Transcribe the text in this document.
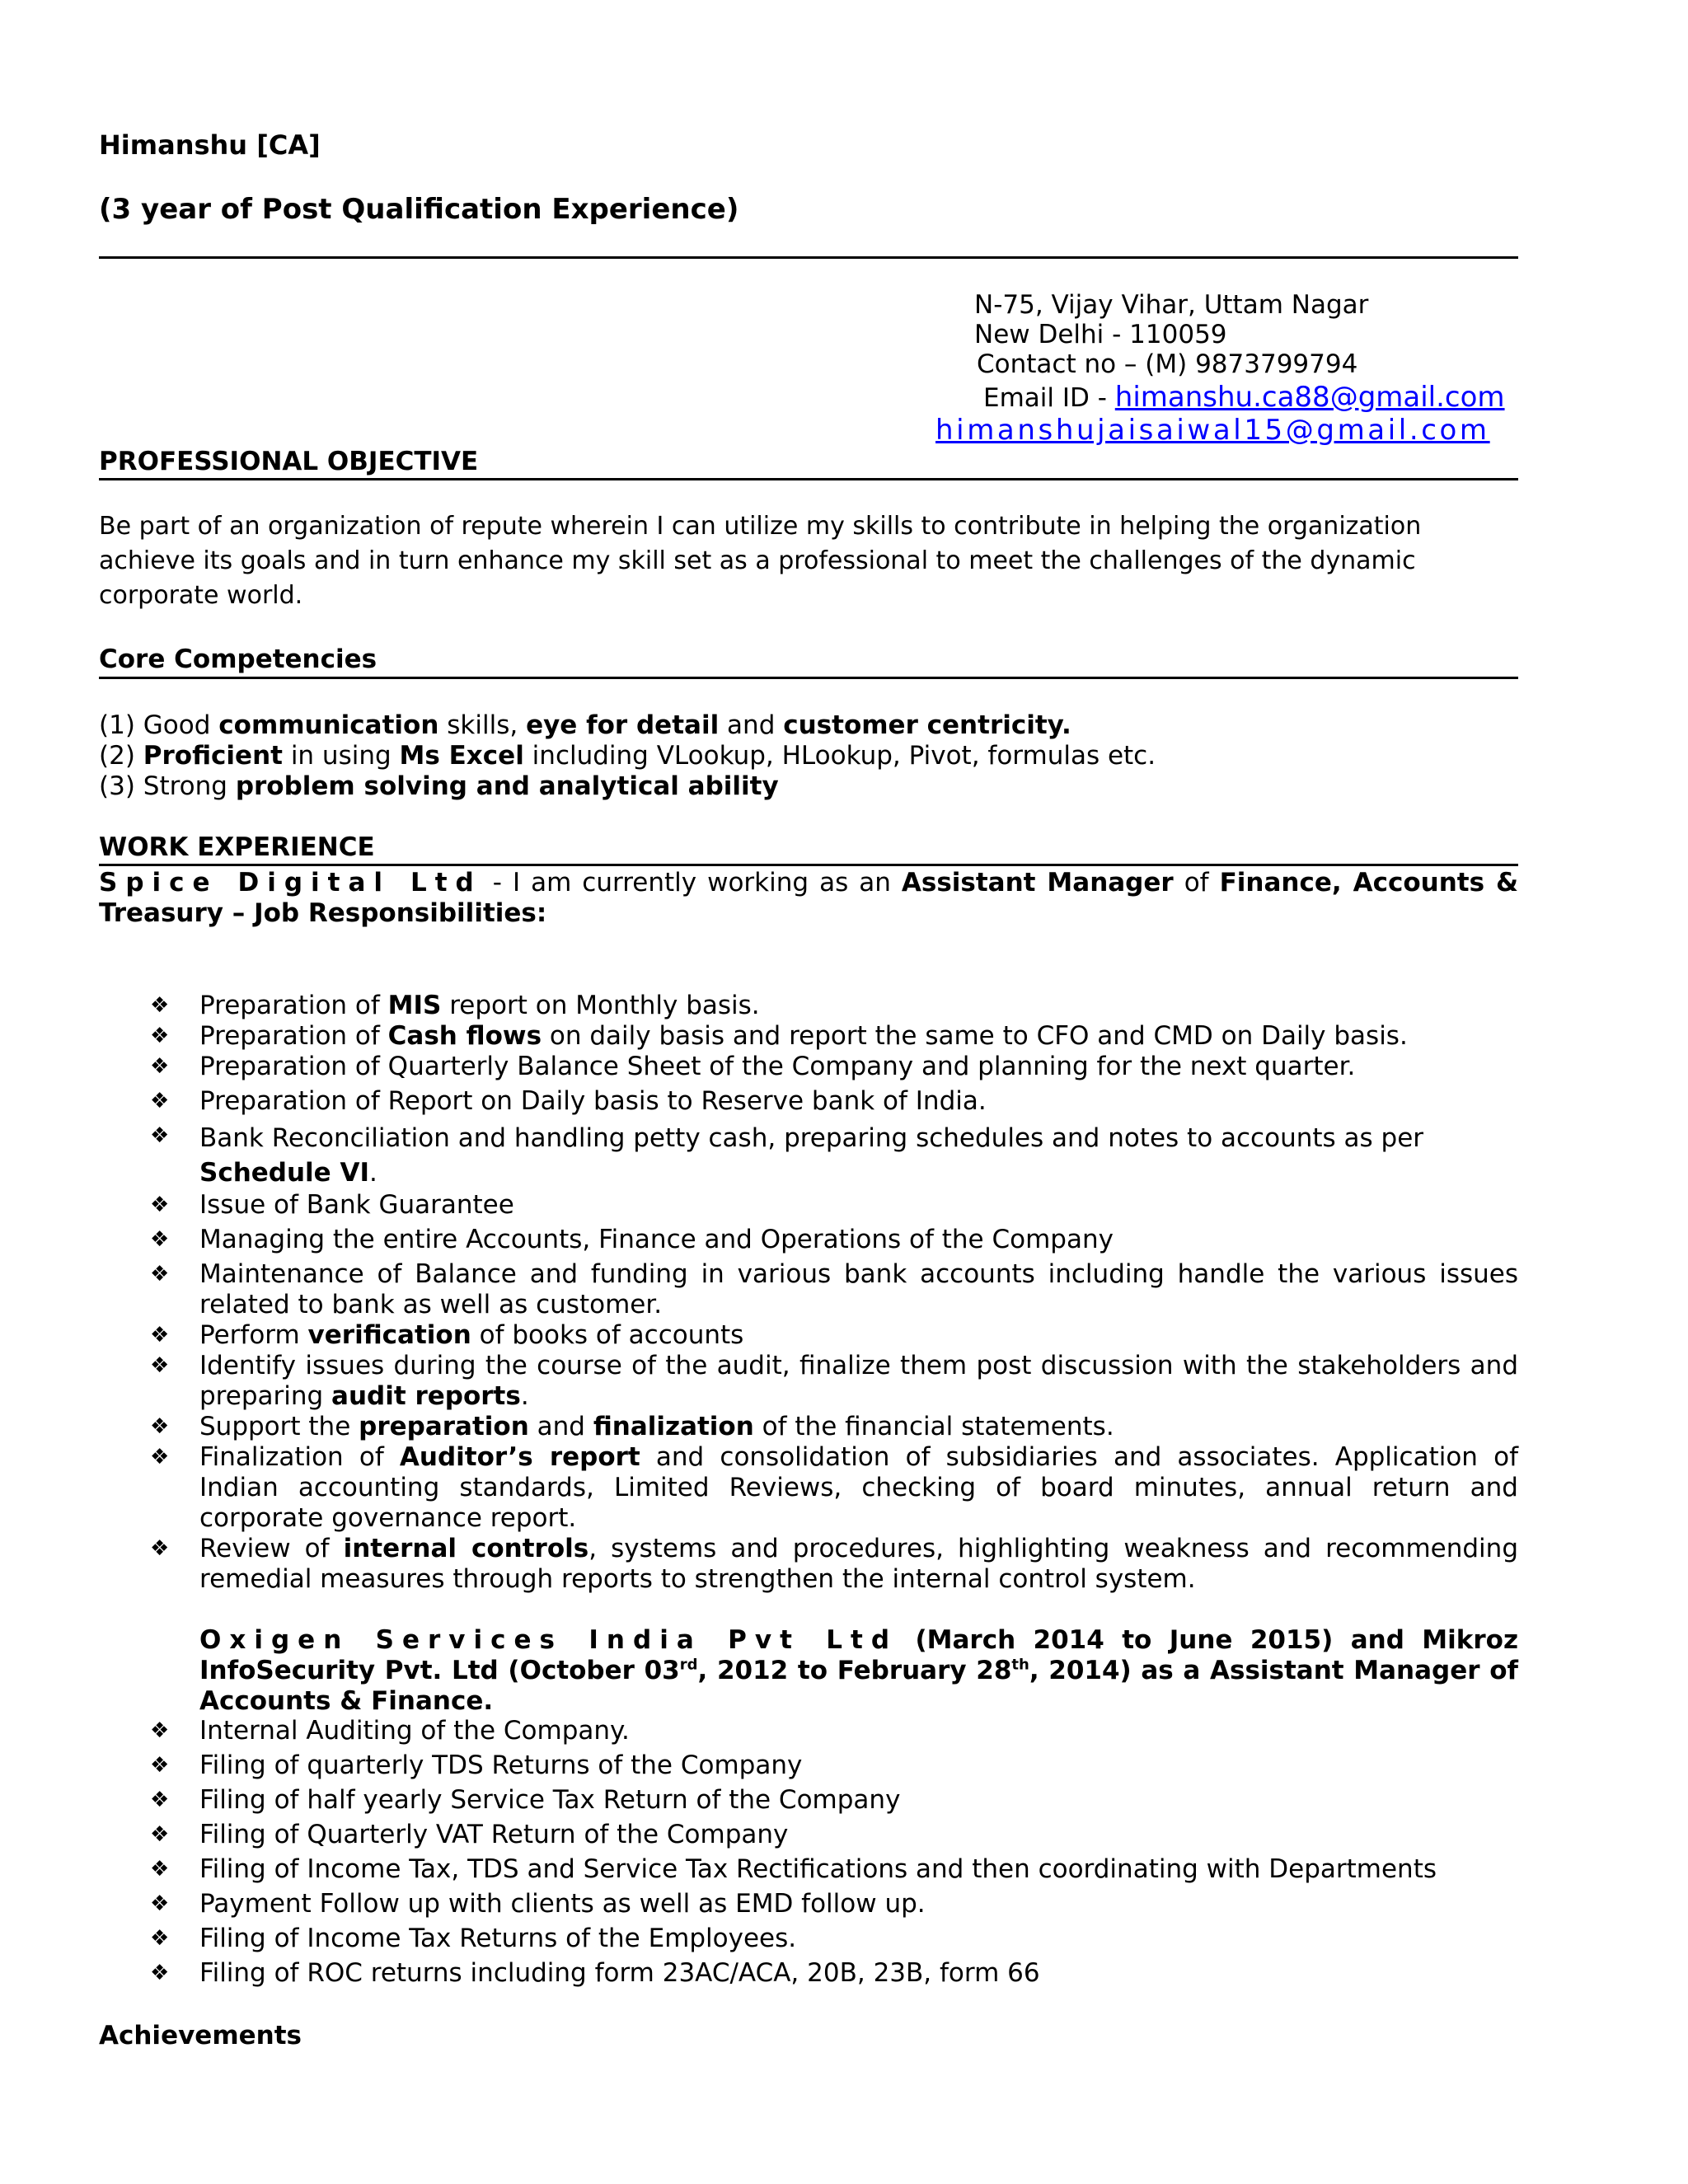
Himanshu [CA]
(3 year of Post Qualification Experience)
N-75, Vijay Vihar, Uttam Nagar
New Delhi - 110059
Contact no – (M) 9873799794
Email ID - himanshu.ca88@gmail.com
himanshujaisaiwal15@gmail.com
PROFESSIONAL OBJECTIVE
Be part of an organization of repute wherein I can utilize my skills to contribute in helping the organization achieve its goals and in turn enhance my skill set as a professional to meet the challenges of the dynamic corporate world.
Core Competencies
(1) Good communication skills, eye for detail and customer centricity.
(2) Proficient in using Ms Excel including VLookup, HLookup, Pivot, formulas etc.
(3) Strong problem solving and analytical ability
WORK EXPERIENCE
Spice Digital Ltd - I am currently working as an Assistant Manager of Finance, Accounts &
Treasury – Job Responsibilities:
❖ Preparation of MIS report on Monthly basis.
❖ Preparation of Cash flows on daily basis and report the same to CFO and CMD on Daily basis.
❖ Preparation of Quarterly Balance Sheet of the Company and planning for the next quarter.
❖ Preparation of Report on Daily basis to Reserve bank of India.
❖ Bank Reconciliation and handling petty cash, preparing schedules and notes to accounts as per
Schedule VI.
❖ Issue of Bank Guarantee
❖ Managing the entire Accounts, Finance and Operations of the Company
❖ Maintenance of Balance and funding in various bank accounts including handle the various issues related to bank as well as customer.
❖ Perform verification of books of accounts
❖ Identify issues during the course of the audit, finalize them post discussion with the stakeholders and preparing audit reports.
❖ Support the preparation and finalization of the financial statements.
❖ Finalization of Auditor’s report and consolidation of subsidiaries and associates. Application of Indian accounting standards, Limited Reviews, checking of board minutes, annual return and corporate governance report.
❖ Review of internal controls, systems and procedures, highlighting weakness and recommending remedial measures through reports to strengthen the internal control system.
Oxigen Services India Pvt Ltd (March 2014 to June 2015) and Mikroz InfoSecurity Pvt. Ltd (October 03rd, 2012 to February 28th, 2014) as a Assistant Manager of Accounts & Finance.
❖ Internal Auditing of the Company.
❖ Filing of quarterly TDS Returns of the Company
❖ Filing of half yearly Service Tax Return of the Company
❖ Filing of Quarterly VAT Return of the Company
❖ Filing of Income Tax, TDS and Service Tax Rectifications and then coordinating with Departments
❖ Payment Follow up with clients as well as EMD follow up.
❖ Filing of Income Tax Returns of the Employees.
❖ Filing of ROC returns including form 23AC/ACA, 20B, 23B, form 66
Achievements
